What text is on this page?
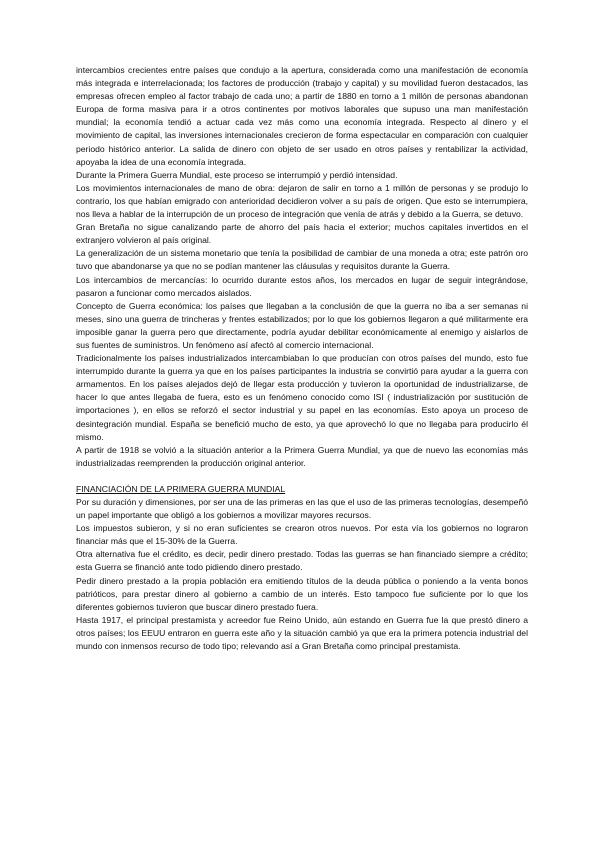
intercambios crecientes entre países que condujo a la apertura, considerada como una manifestación de economía más integrada e interrelacionada; los factores de producción (trabajo y capital) y su movilidad fueron destacados, las empresas ofrecen empleo al factor trabajo de cada uno; a partir de 1880 en torno a 1 millón de personas abandonan Europa de forma masiva para ir a otros continentes por motivos laborales que supuso una man manifestación mundial; la economía tendió a actuar cada vez más como una economía integrada. Respecto al dinero y el movimiento de capital, las inversiones internacionales crecieron de forma espectacular en comparación con cualquier periodo histórico anterior. La salida de dinero con objeto de ser usado en otros países y rentabilizar la actividad, apoyaba la idea de una economía integrada.

Durante la Primera Guerra Mundial, este proceso se interrumpió y perdió intensidad.

Los movimientos internacionales de mano de obra: dejaron de salir en torno a 1 millón de personas y se produjo lo contrario, los que habían emigrado con anterioridad decidieron volver a su país de origen. Que esto se interrumpiera, nos lleva a hablar de la interrupción de un proceso de integración que venía de atrás y debido a la Guerra, se detuvo.

Gran Bretaña no sigue canalizando parte de ahorro del país hacia el exterior; muchos capitales invertidos en el extranjero volvieron al país original.

La generalización de un sistema monetario que tenía la posibilidad de cambiar de una moneda a otra; este patrón oro tuvo que abandonarse ya que no se podían mantener las cláusulas y requisitos durante la Guerra.

Los intercambios de mercancías: lo ocurrido durante estos años, los mercados en lugar de seguir integrándose, pasaron a funcionar como mercados aislados.

Concepto de Guerra económica: los países que llegaban a la conclusión de que la guerra no iba a ser semanas ni meses, sino una guerra de trincheras y frentes estabilizados; por lo que los gobiernos llegaron a qué militarmente era imposible ganar la guerra pero que directamente, podría ayudar debilitar económicamente al enemigo y aislarlos de sus fuentes de suministros. Un fenómeno así afectó al comercio internacional.

Tradicionalmente los países industrializados intercambiaban lo que producían con otros países del mundo, esto fue interrumpido durante la guerra ya que en los países participantes la industria se convirtió para ayudar a la guerra con armamentos. En los países alejados dejó de llegar esta producción y tuvieron la oportunidad de industrializarse, de hacer lo que antes llegaba de fuera, esto es un fenómeno conocido como ISI ( industrialización por sustitución de importaciones ), en ellos se reforzó el sector industrial y su papel en las economías. Esto apoya un proceso de desintegración mundial. España se benefició mucho de esto, ya que aprovechó lo que no llegaba para producirlo él mismo.

A partir de 1918 se volvió a la situación anterior a la Primera Guerra Mundial, ya que de nuevo las economías más industrializadas reemprenden la producción original anterior.

FINANCIACIÓN DE LA PRIMERA GUERRA MUNDIAL

Por su duración y dimensiones, por ser una de las primeras en las que el uso de las primeras tecnologías, desempeñó un papel importante que obligó a los gobiernos a movilizar mayores recursos.

Los impuestos subieron, y si no eran suficientes se crearon otros nuevos. Por esta vía los gobiernos no lograron financiar más que el 15-30% de la Guerra.

Otra alternativa fue el crédito, es decir, pedir dinero prestado. Todas las guerras se han financiado siempre a crédito; esta Guerra se financió ante todo pidiendo dinero prestado.

Pedir dinero prestado a la propia población era emitiendo títulos de la deuda pública o poniendo a la venta bonos patrióticos, para prestar dinero al gobierno a cambio de un interés. Esto tampoco fue suficiente por lo que los diferentes gobiernos tuvieron que buscar dinero prestado fuera.

Hasta 1917, el principal prestamista y acreedor fue Reino Unido, aún estando en Guerra fue la que prestó dinero a otros países; los EEUU entraron en guerra este año y la situación cambió ya que era la primera potencia industrial del mundo con inmensos recurso de todo tipo; relevando así a Gran Bretaña como principal prestamista.
